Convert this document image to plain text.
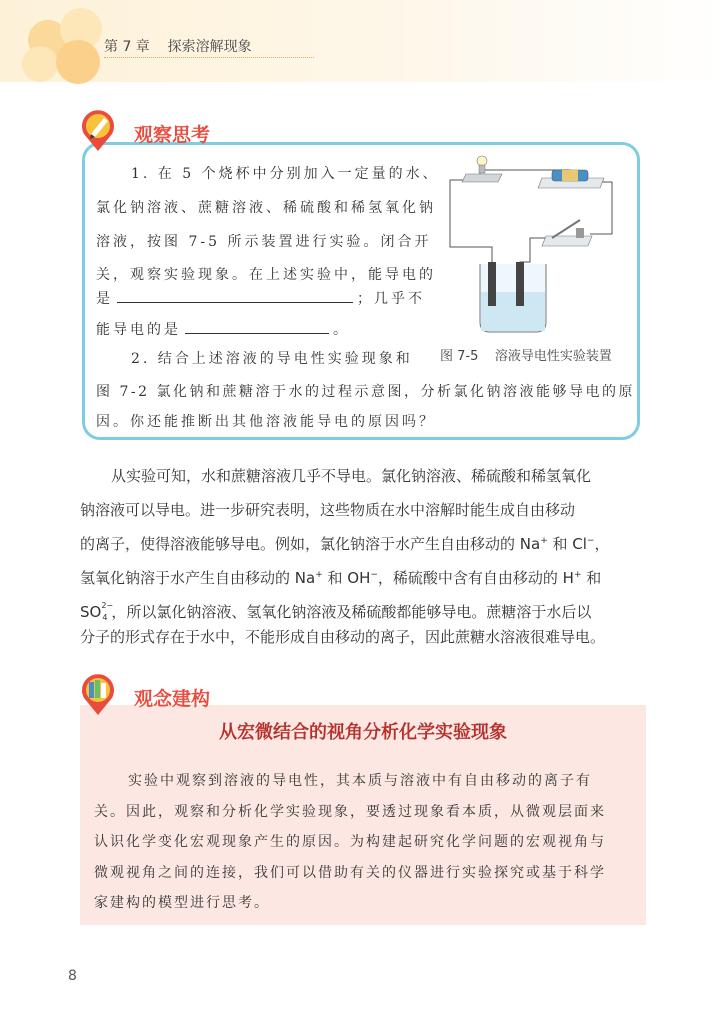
第 7 章    探索溶解现象
观察思考
1. 在 5 个烧杯中分别加入一定量的水、
氯化钠溶液、蔗糖溶液、稀硫酸和稀氢氧化钠
溶液，按图 7-5 所示装置进行实验。闭合开
关，观察实验现象。在上述实验中，能导电的
是	；几乎不
能导电的是	。
2. 结合上述溶液的导电性实验现象和
图 7-2 氯化钠和蔗糖溶于水的过程示意图，分析氯化钠溶液能够导电的原
因。你还能推断出其他溶液能导电的原因吗？
图 7-5    溶液导电性实验装置
从实验可知，水和蔗糖溶液几乎不导电。氯化钠溶液、稀硫酸和稀氢氧化
钠溶液可以导电。进一步研究表明，这些物质在水中溶解时能生成自由移动
的离子，使得溶液能够导电。例如，氯化钠溶于水产生自由移动的 Na+ 和 Cl−，
氢氧化钠溶于水产生自由移动的 Na+ 和 OH−，稀硫酸中含有自由移动的 H+ 和
SO 2−
4 ，所以氯化钠溶液、氢氧化钠溶液及稀硫酸都能够导电。蔗糖溶于水后以
分子的形式存在于水中，不能形成自由移动的离子，因此蔗糖水溶液很难导电。
观念建构
从宏微结合的视角分析化学实验现象
实验中观察到溶液的导电性，其本质与溶液中有自由移动的离子有
关。因此，观察和分析化学实验现象，要透过现象看本质，从微观层面来
认识化学变化宏观现象产生的原因。为构建起研究化学问题的宏观视角与
微观视角之间的连接，我们可以借助有关的仪器进行实验探究或基于科学
家建构的模型进行思考。
8
